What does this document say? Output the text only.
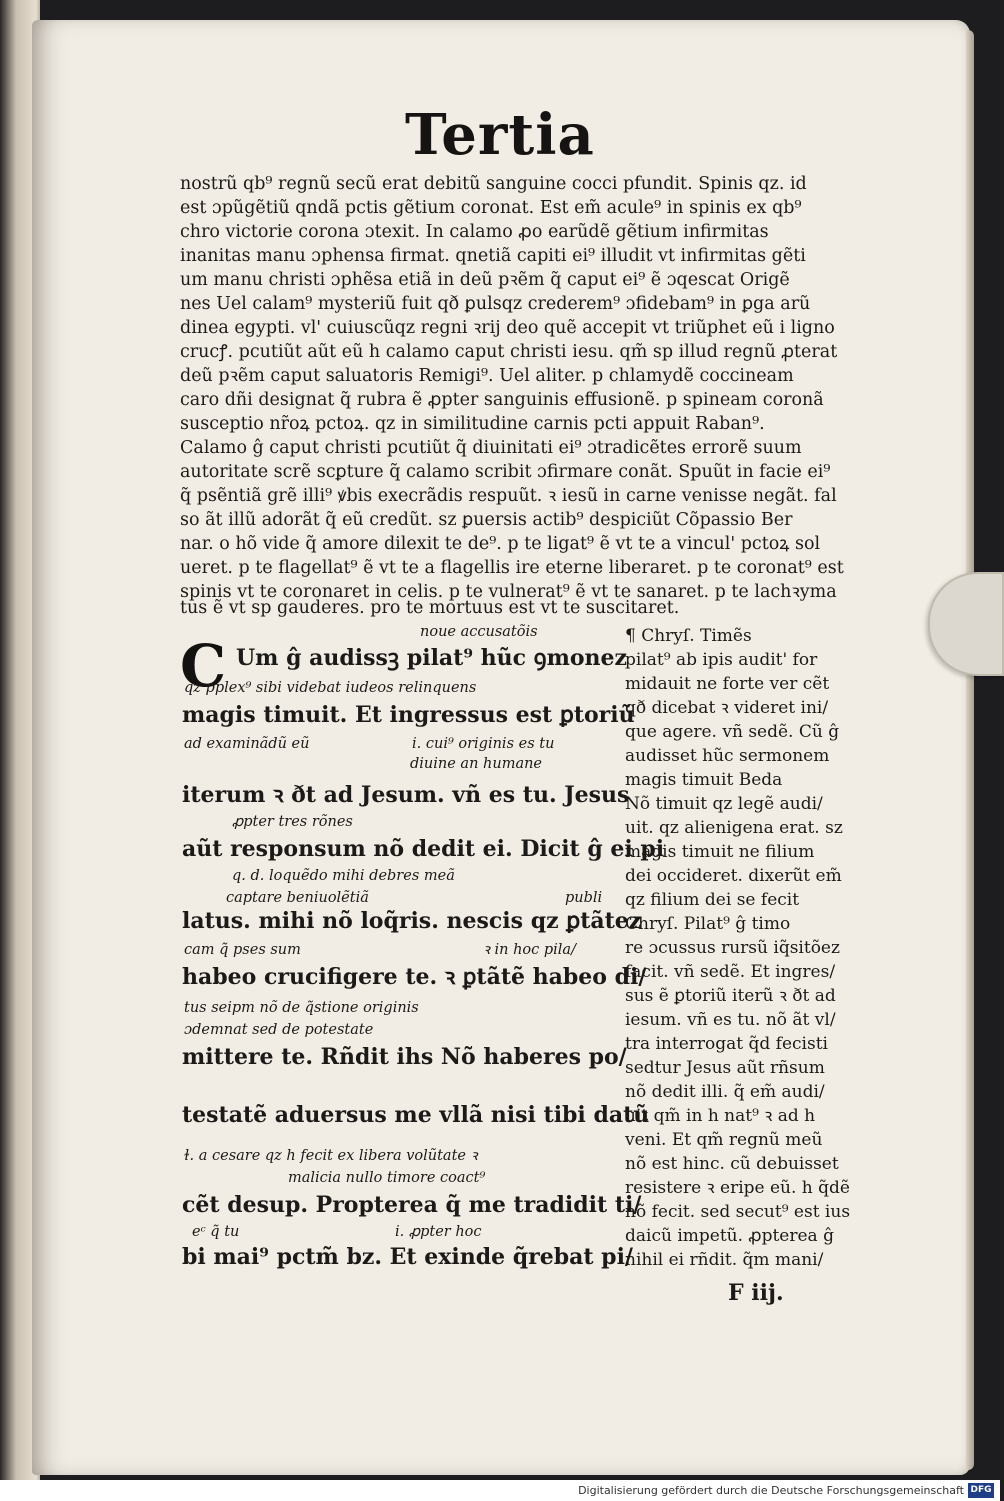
Tertia
nostrũ qb⁹ regnũ secũ erat debitũ sanguine cocci pfundit. Spinis qz. id
est ɔpũgẽtiũ qndã pctis gẽtium coronat. Est em̃ acule⁹ in spinis ex qb⁹
chro victorie corona ɔtexit. In calamo ꝓo earũdẽ gẽtium infirmitas
inanitas manu ɔphensa firmat. qnetiã capiti ei⁹ illudit vt infirmitas gẽti
um manu christi ɔphẽsa etiã in deũ pꝛẽm q̃ caput ei⁹ ẽ ɔqescat Origẽ
nes Uel calam⁹ mysteriũ fuit qð ꝑulsqz crederem⁹ ɔfidebam⁹ in ꝑga arũ
dinea egypti. vl' cuiuscũqz regni ꝛrij deo quẽ accepit vt triũphet eũ i ligno
crucꝭ. pcutiũt aũt eũ h calamo caput christi iesu. qm̃ sp illud regnũ ꝓterat
deũ pꝛẽm caput saluatoris Remigi⁹. Uel aliter. p chlamydẽ coccineam
caro dñi designat q̃ rubra ẽ ꝓpter sanguinis effusionẽ. p spineam coronã
susceptio nr̃oꝝ pctoꝝ. qz in similitudine carnis pcti appuit Raban⁹.
Calamo ĝ caput christi pcutiũt q̃ diuinitati ei⁹ ɔtradicẽtes errorẽ suum
autoritate scrẽ scꝑture q̃ calamo scribit ɔfirmare conãt. Spuũt in facie ei⁹
q̃ psẽntiã grẽ illi⁹ ꝟbis execrãdis respuũt. ꝛ iesũ in carne venisse negãt. fal
so ãt illũ adorãt q̃ eũ credũt. sz ꝑuersis actib⁹ despiciũt Cõpassio Ber
nar. o hõ vide q̃ amore dilexit te de⁹. p te ligat⁹ ẽ vt te a vincul' pctoꝝ sol
ueret. p te flagellat⁹ ẽ vt te a flagellis ire eterne liberaret. p te coronat⁹ est
spinis vt te coronaret in celis. p te vulnerat⁹ ẽ vt te sanaret. p te lachꝛyma
tus ẽ vt sp gauderes. pro te mortuus est vt te suscitaret.
C	noue accusatõis
Um ĝ audissꝫ pilat⁹ hũc ꝯmonez
qz pplex⁹ sibi videbat iudeos relinquens
magis timuit. Et ingressus est ꝑtoriũ
ad examinãdũ eũ	i. cui⁹ originis es tu
diuine an humane
iterum ꝛ ðt ad Jesum. vñ es tu. Jesus
ꝓpter tres rõnes
aũt responsum nõ dedit ei. Dicit ĝ ei pi
q. d. loquẽdo mihi debres meã
captare beniuolẽtiã	publi
latus. mihi nõ loq̃ris. nescis qz ꝑtãtez
cam q̃ pses sum	ꝛ in hoc pila/
habeo crucifigere te. ꝛ ꝑtãtẽ habeo di/
tus seipm nõ de q̃stione originis
ɔdemnat sed de potestate
mittere te. Rñdit ihs Nõ haberes po/
testatẽ aduersus me vllã nisi tibi datũ
ɫ. a cesare qz h fecit ex libera volũtate ꝛ
malicia nullo timore coact⁹
cẽt desup. Propterea q̃ me tradidit ti/
eᶜ q̃ tu	i. ꝓpter hoc
bi mai⁹ pctm̃ bz. Et exinde q̃rebat pi/
¶ Chryſ. Timẽs
pilat⁹ ab ipis audit' for
midauit ne forte ver cẽt
qð dicebat ꝛ videret ini/
que agere. vñ sedẽ. Cũ ĝ
audisset hũc sermonem
magis timuit Beda
Nõ timuit qz legẽ audi/
uit. qz alienigena erat. sz
magis timuit ne filium
dei occideret. dixerũt em̃
qz filium dei se fecit
Chryſ. Pilat⁹ ĝ timo
re ɔcussus rursũ iq̃sitõez
facit. vñ sedẽ. Et ingres/
sus ẽ ꝑtoriũ iterũ ꝛ ðt ad
iesum. vñ es tu. nõ ãt vl/
tra interrogat q̃d fecisti
sedtur Jesus aũt rñsum
nõ dedit illi. q̃ em̃ audi/
uit qm̃ in h nat⁹ ꝛ ad h
veni. Et qm̃ regnũ meũ
nõ est hinc. cũ debuisset
resistere ꝛ eripe eũ. h q̃dẽ
nõ fecit. sed secut⁹ est ius
daicũ impetũ. ꝓpterea ĝ
nihil ei rñdit. q̃m mani/
F iij.
Digitalisierung gefördert durch die Deutsche Forschungsgemeinschaft DFG
